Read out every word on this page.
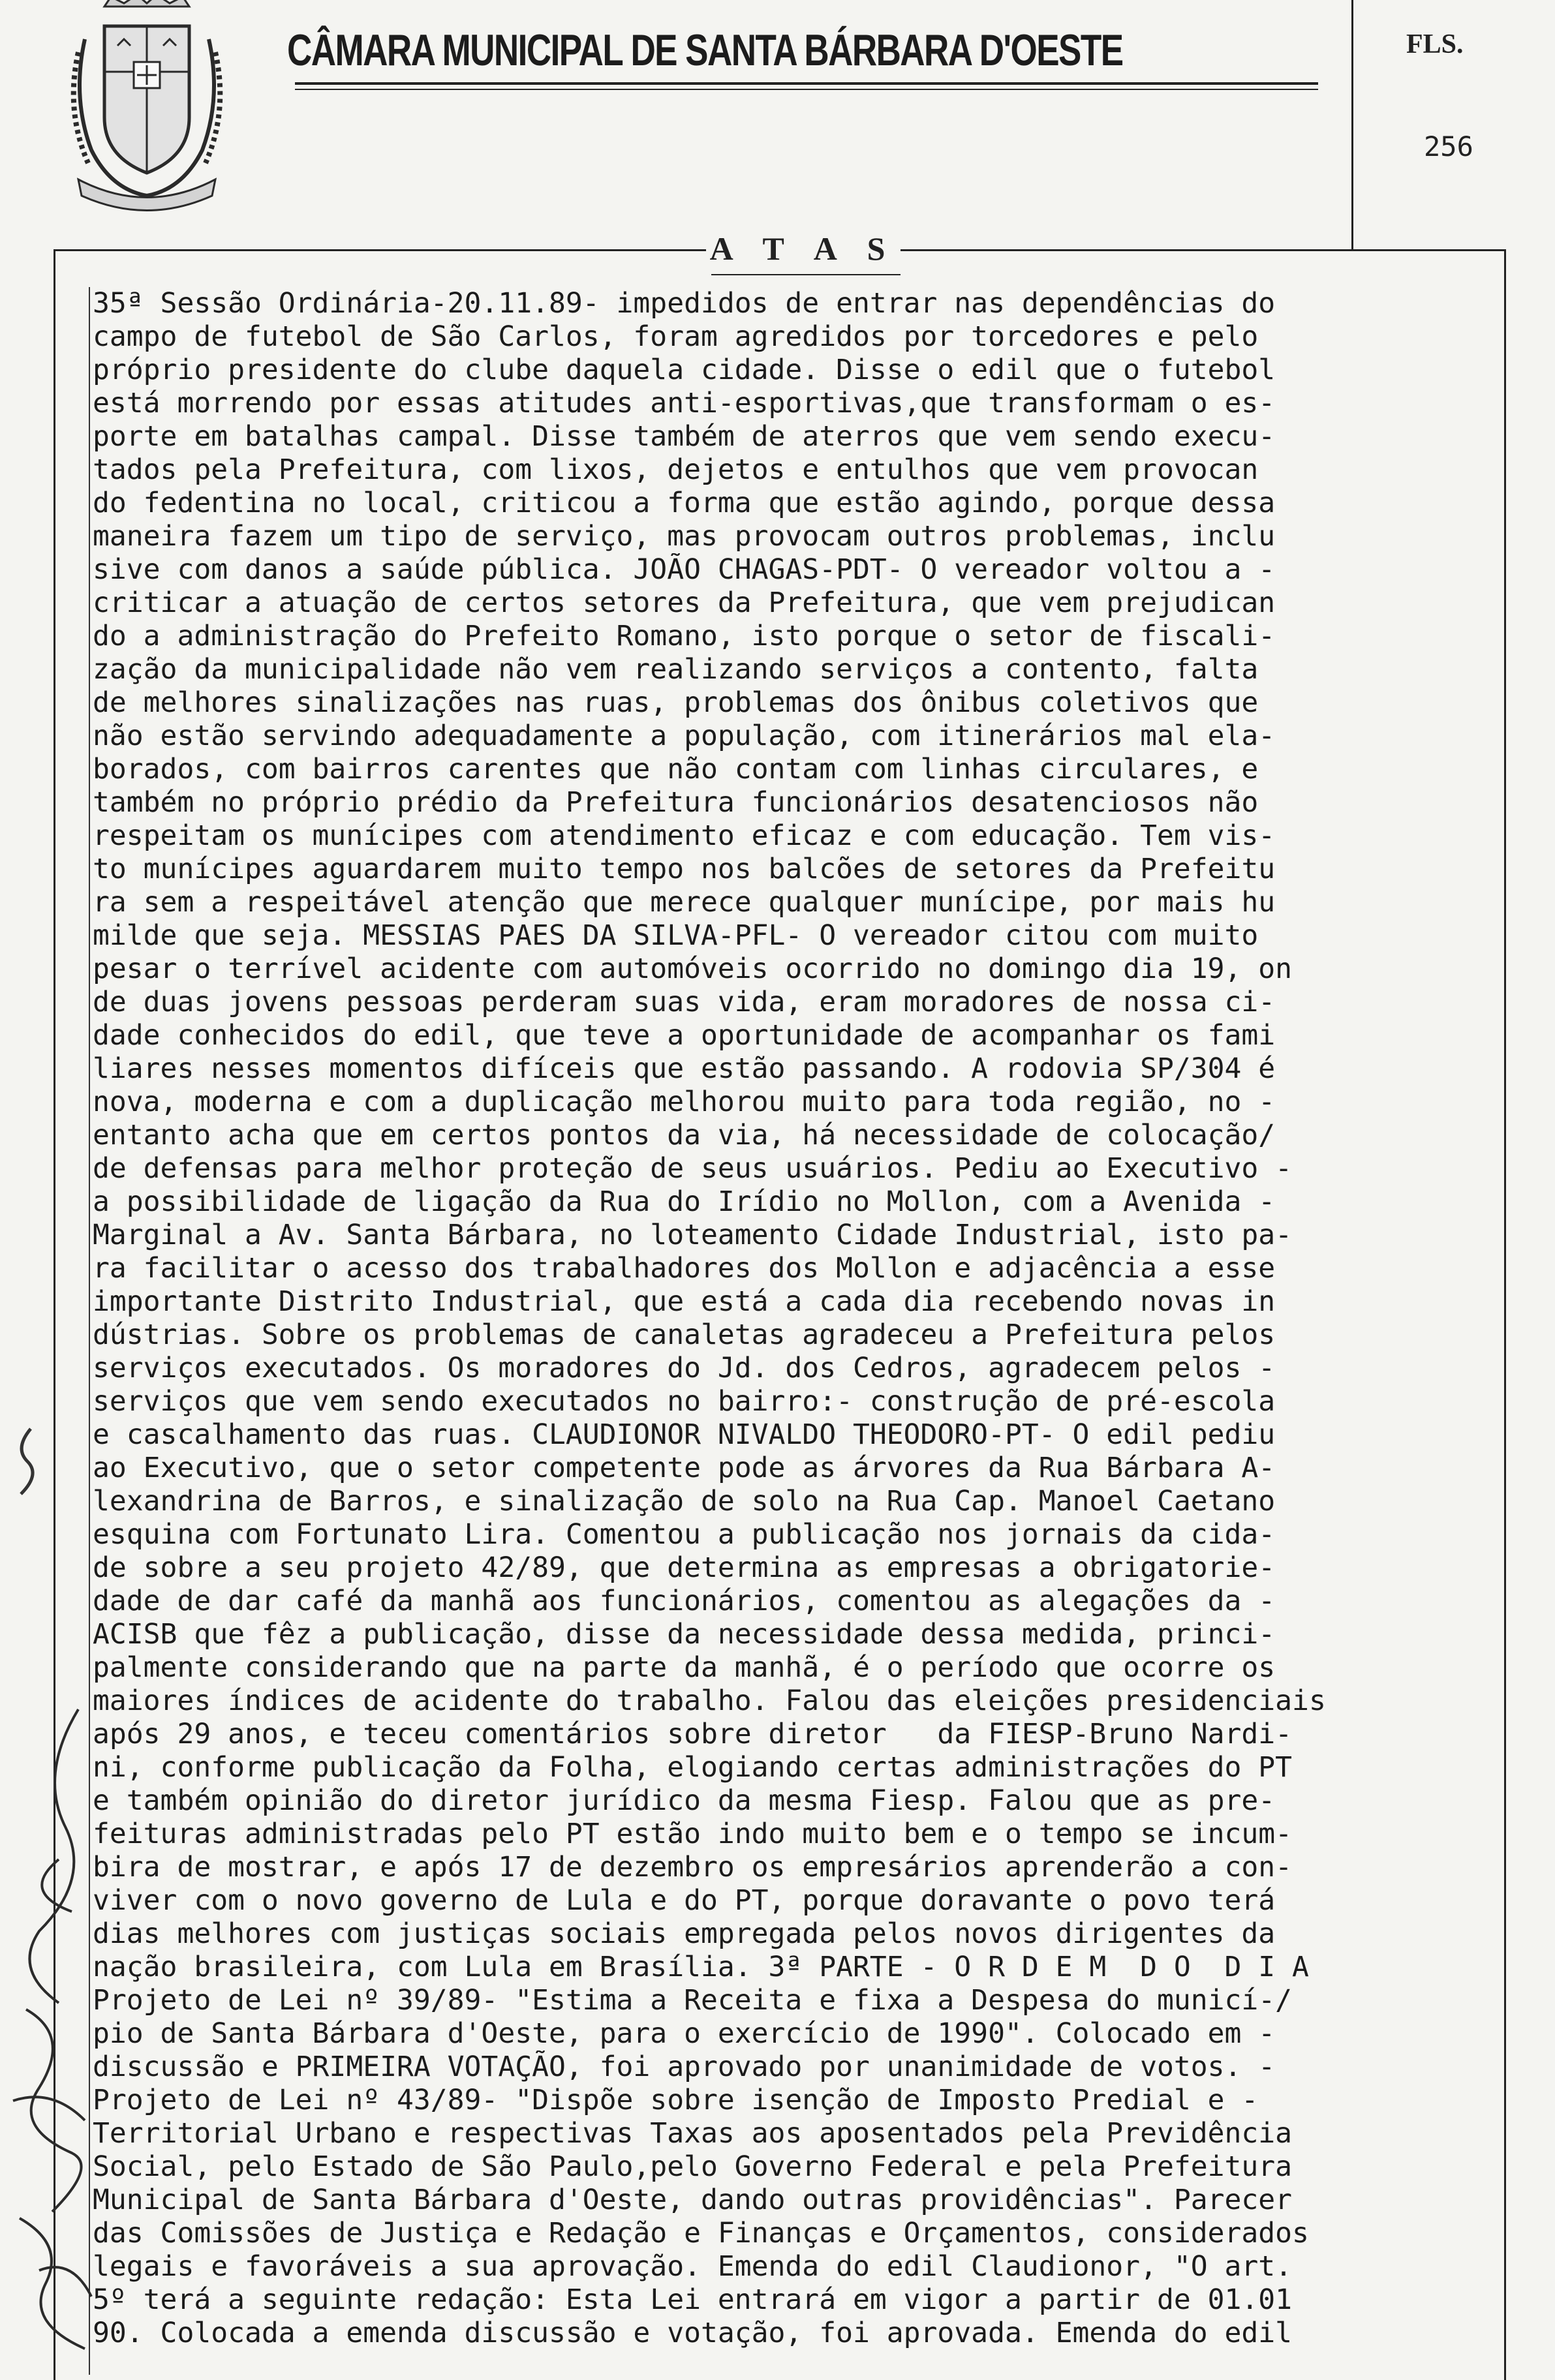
CÂMARA MUNICIPAL DE SANTA BÁRBARA D'OESTE	FLS.
256
A T A S
35ª Sessão Ordinária-20.11.89- impedidos de entrar nas dependências do
campo de futebol de São Carlos, foram agredidos por torcedores e pelo
próprio presidente do clube daquela cidade. Disse o edil que o futebol
está morrendo por essas atitudes anti-esportivas,que transformam o es-
porte em batalhas campal. Disse também de aterros que vem sendo execu-
tados pela Prefeitura, com lixos, dejetos e entulhos que vem provocan
do fedentina no local, criticou a forma que estão agindo, porque dessa
maneira fazem um tipo de serviço, mas provocam outros problemas, inclu
sive com danos a saúde pública. JOÃO CHAGAS-PDT- O vereador voltou a -
criticar a atuação de certos setores da Prefeitura, que vem prejudican
do a administração do Prefeito Romano, isto porque o setor de fiscali-
zação da municipalidade não vem realizando serviços a contento, falta
de melhores sinalizações nas ruas, problemas dos ônibus coletivos que
não estão servindo adequadamente a população, com itinerários mal ela-
borados, com bairros carentes que não contam com linhas circulares, e
também no próprio prédio da Prefeitura funcionários desatenciosos não
respeitam os munícipes com atendimento eficaz e com educação. Tem vis-
to munícipes aguardarem muito tempo nos balcões de setores da Prefeitu
ra sem a respeitável atenção que merece qualquer munícipe, por mais hu
milde que seja. MESSIAS PAES DA SILVA-PFL- O vereador citou com muito
pesar o terrível acidente com automóveis ocorrido no domingo dia 19, on
de duas jovens pessoas perderam suas vida, eram moradores de nossa ci-
dade conhecidos do edil, que teve a oportunidade de acompanhar os fami
liares nesses momentos difíceis que estão passando. A rodovia SP/304 é
nova, moderna e com a duplicação melhorou muito para toda região, no -
entanto acha que em certos pontos da via, há necessidade de colocação/
de defensas para melhor proteção de seus usuários. Pediu ao Executivo -
a possibilidade de ligação da Rua do Irídio no Mollon, com a Avenida -
Marginal a Av. Santa Bárbara, no loteamento Cidade Industrial, isto pa-
ra facilitar o acesso dos trabalhadores dos Mollon e adjacência a esse
importante Distrito Industrial, que está a cada dia recebendo novas in
dústrias. Sobre os problemas de canaletas agradeceu a Prefeitura pelos
serviços executados. Os moradores do Jd. dos Cedros, agradecem pelos -
serviços que vem sendo executados no bairro:- construção de pré-escola
e cascalhamento das ruas. CLAUDIONOR NIVALDO THEODORO-PT- O edil pediu
ao Executivo, que o setor competente pode as árvores da Rua Bárbara A-
lexandrina de Barros, e sinalização de solo na Rua Cap. Manoel Caetano
esquina com Fortunato Lira. Comentou a publicação nos jornais da cida-
de sobre a seu projeto 42/89, que determina as empresas a obrigatorie-
dade de dar café da manhã aos funcionários, comentou as alegações da -
ACISB que fêz a publicação, disse da necessidade dessa medida, princi-
palmente considerando que na parte da manhã, é o período que ocorre os
maiores índices de acidente do trabalho. Falou das eleições presidenciais
após 29 anos, e teceu comentários sobre diretor   da FIESP-Bruno Nardi-
ni, conforme publicação da Folha, elogiando certas administrações do PT
e também opinião do diretor jurídico da mesma Fiesp. Falou que as pre-
feituras administradas pelo PT estão indo muito bem e o tempo se incum-
bira de mostrar, e após 17 de dezembro os empresários aprenderão a con-
viver com o novo governo de Lula e do PT, porque doravante o povo terá
dias melhores com justiças sociais empregada pelos novos dirigentes da
nação brasileira, com Lula em Brasília. 3ª PARTE - O R D E M  D O  D I A
Projeto de Lei nº 39/89- "Estima a Receita e fixa a Despesa do municí-/
pio de Santa Bárbara d'Oeste, para o exercício de 1990". Colocado em -
discussão e PRIMEIRA VOTAÇÃO, foi aprovado por unanimidade de votos. -
Projeto de Lei nº 43/89- "Dispõe sobre isenção de Imposto Predial e -
Territorial Urbano e respectivas Taxas aos aposentados pela Previdência
Social, pelo Estado de São Paulo,pelo Governo Federal e pela Prefeitura
Municipal de Santa Bárbara d'Oeste, dando outras providências". Parecer
das Comissões de Justiça e Redação e Finanças e Orçamentos, considerados
legais e favoráveis a sua aprovação. Emenda do edil Claudionor, "O art.
5º terá a seguinte redação: Esta Lei entrará em vigor a partir de 01.01
90. Colocada a emenda discussão e votação, foi aprovada. Emenda do edil
